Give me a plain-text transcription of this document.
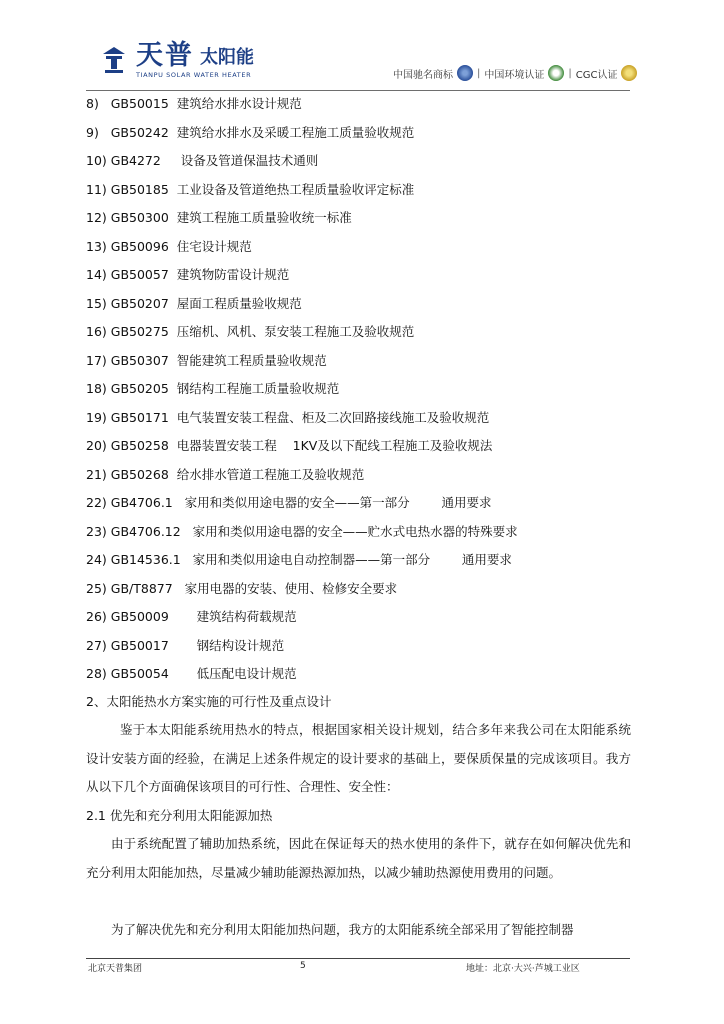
天普 太阳能
TIANPU SOLAR WATER HEATER	中国驰名商标 | 中国环境认证 | CGC认证
8)   GB50015  建筑给水排水设计规范
9)   GB50242  建筑给水排水及采暖工程施工质量验收规范
10) GB4272     设备及管道保温技术通则
11) GB50185  工业设备及管道绝热工程质量验收评定标准
12) GB50300  建筑工程施工质量验收统一标准
13) GB50096  住宅设计规范
14) GB50057  建筑物防雷设计规范
15) GB50207  屋面工程质量验收规范
16) GB50275  压缩机、风机、泵安装工程施工及验收规范
17) GB50307  智能建筑工程质量验收规范
18) GB50205  钢结构工程施工质量验收规范
19) GB50171  电气装置安装工程盘、柜及二次回路接线施工及验收规范
20) GB50258  电器装置安装工程    1KV及以下配线工程施工及验收规法
21) GB50268  给水排水管道工程施工及验收规范
22) GB4706.1   家用和类似用途电器的安全——第一部分        通用要求
23) GB4706.12   家用和类似用途电器的安全——贮水式电热水器的特殊要求
24) GB14536.1   家用和类似用途电自动控制器——第一部分        通用要求
25) GB/T8877   家用电器的安装、使用、检修安全要求
26) GB50009       建筑结构荷载规范
27) GB50017       钢结构设计规范
28) GB50054       低压配电设计规范
2、太阳能热水方案实施的可行性及重点设计
鉴于本太阳能系统用热水的特点，根据国家相关设计规划，结合多年来我公司在太阳能系统设计安装方面的经验，在满足上述条件规定的设计要求的基础上，要保质保量的完成该项目。我方从以下几个方面确保该项目的可行性、合理性、安全性：
2.1 优先和充分利用太阳能源加热
由于系统配置了辅助加热系统，因此在保证每天的热水使用的条件下，就存在如何解决优先和充分利用太阳能加热，尽量减少辅助能源热源加热，以减少辅助热源使用费用的问题。
为了解决优先和充分利用太阳能加热问题，我方的太阳能系统全部采用了智能控制器
北京天普集团	5	地址：北京·大兴·芦城工业区
